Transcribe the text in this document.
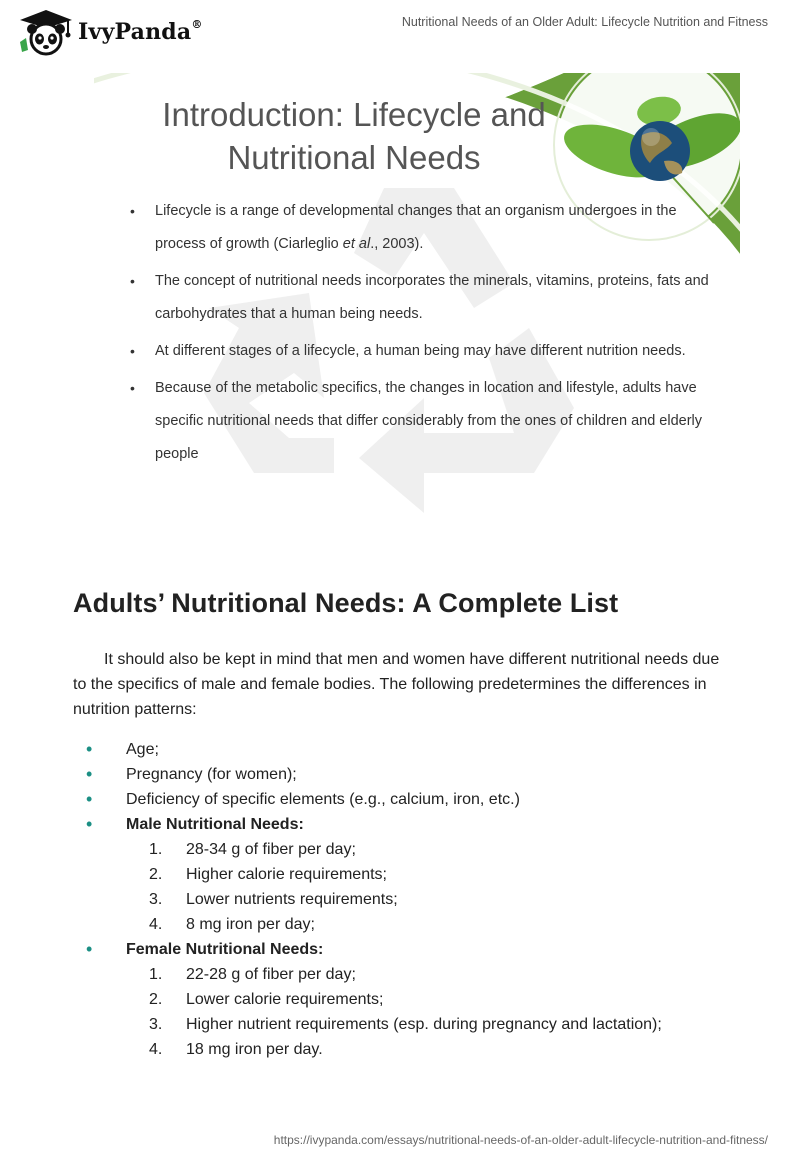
IvyPanda®	Nutritional Needs of an Older Adult: Lifecycle Nutrition and Fitness
Introduction: Lifecycle and
Nutritional Needs
• Lifecycle is a range of developmental changes that an organism undergoes in the process of growth (Ciarleglio et al., 2003).
• The concept of nutritional needs incorporates the minerals, vitamins, proteins, fats and carbohydrates that a human being needs.
• At different stages of a lifecycle, a human being may have different nutrition needs.
• Because of the metabolic specifics, the changes in location and lifestyle, adults have specific nutritional needs that differ considerably from the ones of children and elderly people
Adults’ Nutritional Needs: A Complete List

It should also be kept in mind that men and women have different nutritional needs due to the specifics of male and female bodies. The following predetermines the differences in nutrition patterns:

• Age;
• Pregnancy (for women);
• Deficiency of specific elements (e.g., calcium, iron, etc.)
• Male Nutritional Needs:
1. 28-34 g of fiber per day;
2. Higher calorie requirements;
3. Lower nutrients requirements;
4. 8 mg iron per day;
• Female Nutritional Needs:
1. 22-28 g of fiber per day;
2. Lower calorie requirements;
3. Higher nutrient requirements (esp. during pregnancy and lactation);
4. 18 mg iron per day.
https://ivypanda.com/essays/nutritional-needs-of-an-older-adult-lifecycle-nutrition-and-fitness/
